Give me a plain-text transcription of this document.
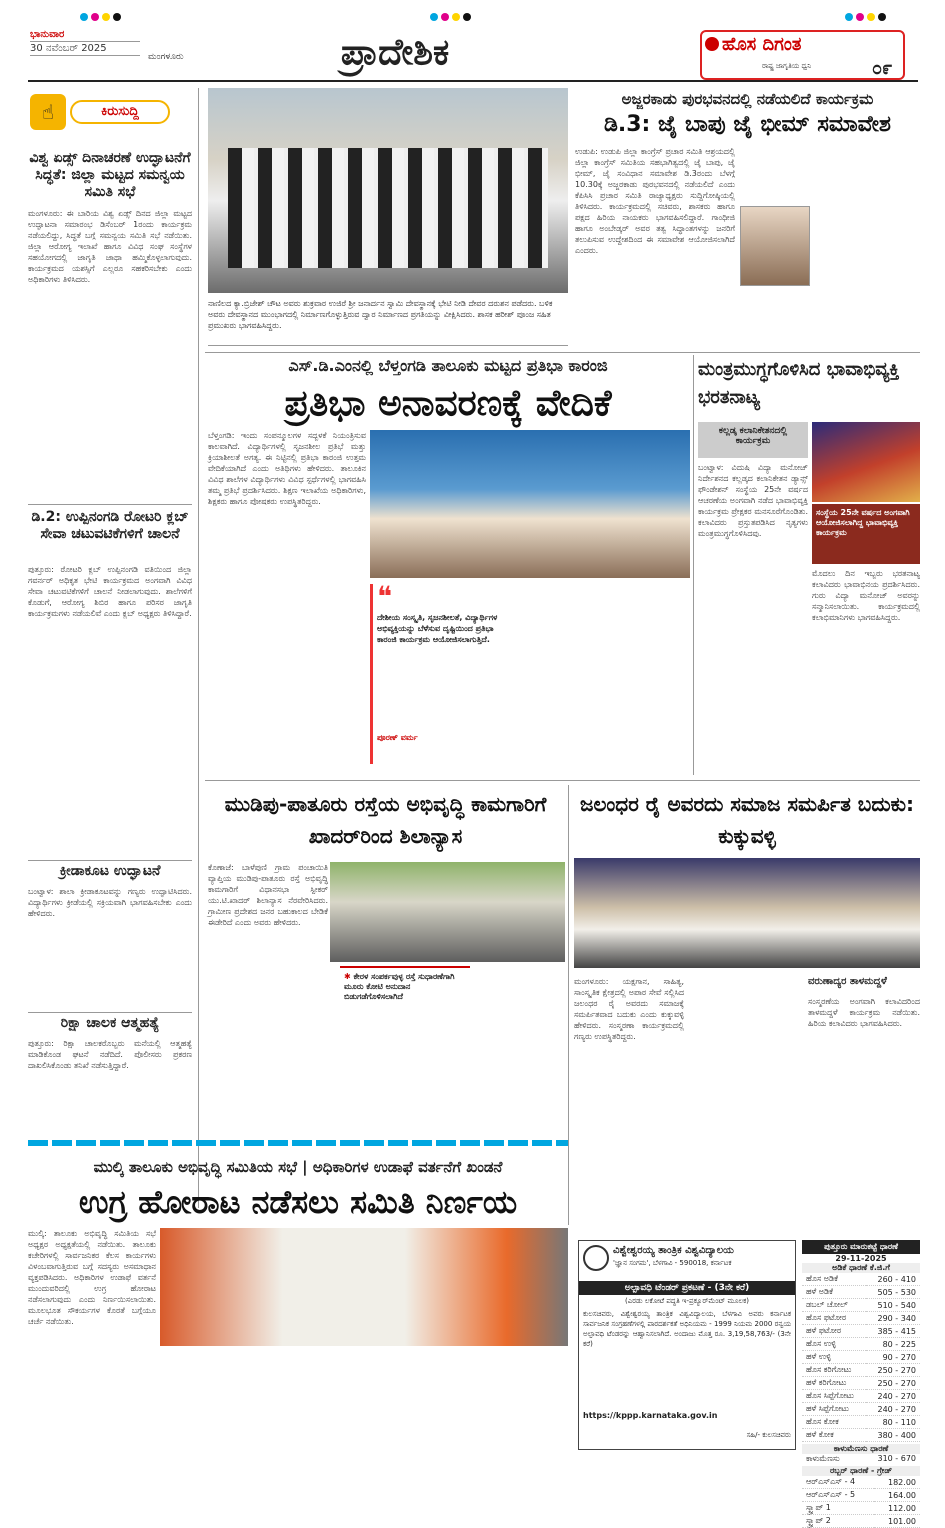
ಭಾನುವಾರ
30 ನವೆಂಬರ್ 2025
ಮಂಗಳೂರು	ಪ್ರಾದೇಶಿಕ	ಹೊಸ ದಿಗಂತ
ರಾಷ್ಟ್ರ ಜಾಗೃತಿಯ ಧ್ವನಿ	೦೯
☝	ಕಿರುಸುದ್ದಿ
ವಿಶ್ವ ಏಡ್ಸ್ ದಿನಾಚರಣೆ ಉದ್ಘಾಟನೆಗೆ ಸಿದ್ಧತೆ: ಜಿಲ್ಲಾ ಮಟ್ಟದ ಸಮನ್ವಯ ಸಮಿತಿ ಸಭೆ
ಮಂಗಳೂರು: ಈ ಬಾರಿಯ ವಿಶ್ವ ಏಡ್ಸ್ ದಿನದ ಜಿಲ್ಲಾ ಮಟ್ಟದ ಉದ್ಘಾಟನಾ ಸಮಾರಂಭ ಡಿಸೆಂಬರ್ 1ರಂದು ಕಾರ್ಯಕ್ರಮ ನಡೆಯಲಿದ್ದು, ಸಿದ್ಧತೆ ಬಗ್ಗೆ ಸಮನ್ವಯ ಸಮಿತಿ ಸಭೆ ನಡೆಯಿತು. ಜಿಲ್ಲಾ ಆರೋಗ್ಯ ಇಲಾಖೆ ಹಾಗೂ ವಿವಿಧ ಸಂಘ ಸಂಸ್ಥೆಗಳ ಸಹಯೋಗದಲ್ಲಿ ಜಾಗೃತಿ ಜಾಥಾ ಹಮ್ಮಿಕೊಳ್ಳಲಾಗುವುದು. ಕಾರ್ಯಕ್ರಮದ ಯಶಸ್ಸಿಗೆ ಎಲ್ಲರೂ ಸಹಕರಿಸಬೇಕು ಎಂದು ಅಧಿಕಾರಿಗಳು ತಿಳಿಸಿದರು.
ಡಿ.2: ಉಪ್ಪಿನಂಗಡಿ ರೋಟರಿ ಕ್ಲಬ್ ಸೇವಾ ಚಟುವಟಿಕೆಗಳಿಗೆ ಚಾಲನೆ
ಪುತ್ತೂರು: ರೋಟರಿ ಕ್ಲಬ್ ಉಪ್ಪಿನಂಗಡಿ ವತಿಯಿಂದ ಜಿಲ್ಲಾ ಗವರ್ನರ್ ಅಧಿಕೃತ ಭೇಟಿ ಕಾರ್ಯಕ್ರಮದ ಅಂಗವಾಗಿ ವಿವಿಧ ಸೇವಾ ಚಟುವಟಿಕೆಗಳಿಗೆ ಚಾಲನೆ ನೀಡಲಾಗುವುದು. ಶಾಲೆಗಳಿಗೆ ಕೊಡುಗೆ, ಆರೋಗ್ಯ ಶಿಬಿರ ಹಾಗೂ ಪರಿಸರ ಜಾಗೃತಿ ಕಾರ್ಯಕ್ರಮಗಳು ನಡೆಯಲಿವೆ ಎಂದು ಕ್ಲಬ್ ಅಧ್ಯಕ್ಷರು ತಿಳಿಸಿದ್ದಾರೆ.
ಕ್ರೀಡಾಕೂಟ ಉದ್ಘಾಟನೆ
ಬಂಟ್ವಾಳ: ಶಾಲಾ ಕ್ರೀಡಾಕೂಟವನ್ನು ಗಣ್ಯರು ಉದ್ಘಾಟಿಸಿದರು. ವಿದ್ಯಾರ್ಥಿಗಳು ಕ್ರೀಡೆಯಲ್ಲಿ ಸಕ್ರಿಯವಾಗಿ ಭಾಗವಹಿಸಬೇಕು ಎಂದು ಹೇಳಿದರು.
ರಿಕ್ಷಾ ಚಾಲಕ ಆತ್ಮಹತ್ಯೆ
ಪುತ್ತೂರು: ರಿಕ್ಷಾ ಚಾಲಕರೊಬ್ಬರು ಮನೆಯಲ್ಲಿ ಆತ್ಮಹತ್ಯೆ ಮಾಡಿಕೊಂಡ ಘಟನೆ ನಡೆದಿದೆ. ಪೊಲೀಸರು ಪ್ರಕರಣ ದಾಖಲಿಸಿಕೊಂಡು ತನಿಖೆ ನಡೆಸುತ್ತಿದ್ದಾರೆ.
ನಾಣಿಲದ ಕ್ಯಾ.ಬ್ರಿಜೇಶ್ ಚೌಟ ಅವರು ಶುಕ್ರವಾರ ಉಜಿರೆ ಶ್ರೀ ಜನಾರ್ದನ ಸ್ವಾಮಿ ದೇವಸ್ಥಾನಕ್ಕೆ ಭೇಟಿ ನೀಡಿ ದೇವರ ದರುಶನ ಪಡೆದರು. ಬಳಿಕ ಅವರು ದೇವಸ್ಥಾನದ ಮುಂಭಾಗದಲ್ಲಿ ನಿರ್ಮಾಣಗೊಳ್ಳುತ್ತಿರುವ ದ್ವಾರ ನಿರ್ಮಾಣದ ಪ್ರಗತಿಯನ್ನು ವೀಕ್ಷಿಸಿದರು. ಶಾಸಕ ಹರೀಶ್ ಪೂಂಜ ಸಹಿತ ಪ್ರಮುಖರು ಭಾಗವಹಿಸಿದ್ದರು.
ಅಜ್ಜರಕಾಡು ಪುರಭವನದಲ್ಲಿ ನಡೆಯಲಿದೆ ಕಾರ್ಯಕ್ರಮ
ಡಿ.3: ಜೈ ಬಾಪು ಜೈ ಭೀಮ್ ಸಮಾವೇಶ
ಉಡುಪಿ: ಉಡುಪಿ ಜಿಲ್ಲಾ ಕಾಂಗ್ರೆಸ್ ಪ್ರಚಾರ ಸಮಿತಿ ಆಶ್ರಯದಲ್ಲಿ ಜಿಲ್ಲಾ ಕಾಂಗ್ರೆಸ್ ಸಮಿತಿಯ ಸಹಭಾಗಿತ್ವದಲ್ಲಿ ಜೈ ಬಾಪು, ಜೈ ಭೀಮ್, ಜೈ ಸಂವಿಧಾನ ಸಮಾವೇಶ ಡಿ.3ರಂದು ಬೆಳಗ್ಗೆ 10.30ಕ್ಕೆ ಅಜ್ಜರಕಾಡು ಪುರಭವನದಲ್ಲಿ ನಡೆಯಲಿದೆ ಎಂದು ಕೆಪಿಸಿಸಿ ಪ್ರಚಾರ ಸಮಿತಿ ರಾಜ್ಯಾಧ್ಯಕ್ಷರು ಸುದ್ದಿಗೋಷ್ಠಿಯಲ್ಲಿ ತಿಳಿಸಿದರು. ಕಾರ್ಯಕ್ರಮದಲ್ಲಿ ಸಚಿವರು, ಶಾಸಕರು ಹಾಗೂ ಪಕ್ಷದ ಹಿರಿಯ ನಾಯಕರು ಭಾಗವಹಿಸಲಿದ್ದಾರೆ. ಗಾಂಧೀಜಿ ಹಾಗೂ ಅಂಬೇಡ್ಕರ್ ಅವರ ತತ್ವ ಸಿದ್ಧಾಂತಗಳನ್ನು ಜನರಿಗೆ ತಲುಪಿಸುವ ಉದ್ದೇಶದಿಂದ ಈ ಸಮಾವೇಶ ಆಯೋಜಿಸಲಾಗಿದೆ ಎಂದರು.
ಎಸ್.ಡಿ.ಎಂನಲ್ಲಿ ಬೆಳ್ತಂಗಡಿ ತಾಲೂಕು ಮಟ್ಟದ ಪ್ರತಿಭಾ ಕಾರಂಜಿ
ಪ್ರತಿಭಾ ಅನಾವರಣಕ್ಕೆ ವೇದಿಕೆ
ಬೆಳ್ತಂಗಡಿ: ಇಂದು ಸಂಪನ್ಮೂಲಗಳ ಸದ್ಬಳಕೆ ನಿಯಂತ್ರಿಸುವ ಕಾಲವಾಗಿದೆ. ವಿದ್ಯಾರ್ಥಿಗಳಲ್ಲಿ ಸೃಜನಶೀಲ ಪ್ರತಿಭೆ ಮತ್ತು ಕ್ರಿಯಾಶೀಲತೆ ಅಗತ್ಯ. ಈ ನಿಟ್ಟಿನಲ್ಲಿ ಪ್ರತಿಭಾ ಕಾರಂಜಿ ಉತ್ತಮ ವೇದಿಕೆಯಾಗಿದೆ ಎಂದು ಅತಿಥಿಗಳು ಹೇಳಿದರು. ತಾಲೂಕಿನ ವಿವಿಧ ಶಾಲೆಗಳ ವಿದ್ಯಾರ್ಥಿಗಳು ವಿವಿಧ ಸ್ಪರ್ಧೆಗಳಲ್ಲಿ ಭಾಗವಹಿಸಿ ತಮ್ಮ ಪ್ರತಿಭೆ ಪ್ರದರ್ಶಿಸಿದರು. ಶಿಕ್ಷಣ ಇಲಾಖೆಯ ಅಧಿಕಾರಿಗಳು, ಶಿಕ್ಷಕರು ಹಾಗೂ ಪೋಷಕರು ಉಪಸ್ಥಿತರಿದ್ದರು.
❝
ದೇಶೀಯ ಸಂಸ್ಕೃತಿ, ಸೃಜನಶೀಲತೆ, ವಿದ್ಯಾರ್ಥಿಗಳ ಅಭಿವ್ಯಕ್ತಿಯನ್ನು ಬೆಳೆಸುವ ದೃಷ್ಟಿಯಿಂದ ಪ್ರತಿಭಾ ಕಾರಂಜಿ ಕಾರ್ಯಕ್ರಮ ಆಯೋಜಿಸಲಾಗುತ್ತಿದೆ.
ಪೂರಣ್ ವರ್ಮ
ಮಂತ್ರಮುಗ್ಧಗೊಳಿಸಿದ ಭಾವಾಭಿವ್ಯಕ್ತಿ ಭರತನಾಟ್ಯ
ಕಲ್ಲಡ್ಕ ಕಲಾನಿಕೇತನದಲ್ಲಿ ಕಾರ್ಯಕ್ರಮ
ಬಂಟ್ವಾಳ: ವಿದುಷಿ ವಿದ್ಯಾ ಮನೋಜ್ ನಿರ್ದೇಶನದ ಕಲ್ಲಡ್ಕದ ಕಲಾನಿಕೇತನ ಡ್ಯಾನ್ಸ್ ಫೌಂಡೇಶನ್ ಸಂಸ್ಥೆಯ 25ನೇ ವರ್ಷದ ಆಚರಣೆಯ ಅಂಗವಾಗಿ ನಡೆದ ಭಾವಾಭಿವ್ಯಕ್ತಿ ಕಾರ್ಯಕ್ರಮ ಪ್ರೇಕ್ಷಕರ ಮನಸೂರೆಗೊಂಡಿತು. ಕಲಾವಿದರು ಪ್ರಸ್ತುತಪಡಿಸಿದ ನೃತ್ಯಗಳು ಮಂತ್ರಮುಗ್ಧಗೊಳಿಸಿದವು.
ಸಂಸ್ಥೆಯ 25ನೇ ವರ್ಷದ ಅಂಗವಾಗಿ ಆಯೋಜಿಸಲಾಗಿದ್ದ ಭಾವಾಭಿವ್ಯಕ್ತಿ ಕಾರ್ಯಕ್ರಮ
ಮೊದಲು ದಿನ ಇಬ್ಬರು ಭರತನಾಟ್ಯ ಕಲಾವಿದರು ಭಾವಾಭಿನಯ ಪ್ರದರ್ಶಿಸಿದರು. ಗುರು ವಿದ್ಯಾ ಮನೋಜ್ ಅವರನ್ನು ಸನ್ಮಾನಿಸಲಾಯಿತು. ಕಾರ್ಯಕ್ರಮದಲ್ಲಿ ಕಲಾಭಿಮಾನಿಗಳು ಭಾಗವಹಿಸಿದ್ದರು.
ಮುಡಿಪು-ಪಾತೂರು ರಸ್ತೆಯ ಅಭಿವೃದ್ಧಿ ಕಾಮಗಾರಿಗೆ ಖಾದರ್‌ರಿಂದ ಶಿಲಾನ್ಯಾಸ
ಕೊಣಾಜೆ: ಬಾಳೆಪುಣಿ ಗ್ರಾಮ ಪಂಚಾಯಿತಿ ವ್ಯಾಪ್ತಿಯ ಮುಡಿಪು-ಪಾತೂರು ರಸ್ತೆ ಅಭಿವೃದ್ಧಿ ಕಾಮಗಾರಿಗೆ ವಿಧಾನಸಭಾ ಸ್ಪೀಕರ್ ಯು.ಟಿ.ಖಾದರ್ ಶಿಲಾನ್ಯಾಸ ನೆರವೇರಿಸಿದರು. ಗ್ರಾಮೀಣ ಪ್ರದೇಶದ ಜನರ ಬಹುಕಾಲದ ಬೇಡಿಕೆ ಈಡೇರಿದೆ ಎಂದು ಅವರು ಹೇಳಿದರು.
✱ ಕೇರಳ ಸಂಪರ್ಕವುಳ್ಳ ರಸ್ತೆ ಸುಧಾರಣೆಗಾಗಿ ಮೂರು ಕೋಟಿ ಅನುದಾನ ಬಿಡುಗಡೆಗೊಳಿಸಲಾಗಿದೆ
ಜಲಂಧರ ರೈ ಅವರದು ಸಮಾಜ ಸಮರ್ಪಿತ ಬದುಕು: ಕುಕ್ಕುವಳ್ಳಿ
ಮಂಗಳೂರು: ಯಕ್ಷಗಾನ, ಸಾಹಿತ್ಯ, ಸಾಂಸ್ಕೃತಿಕ ಕ್ಷೇತ್ರದಲ್ಲಿ ಅಪಾರ ಸೇವೆ ಸಲ್ಲಿಸಿದ ಜಲಂಧರ ರೈ ಅವರದು ಸಮಾಜಕ್ಕೆ ಸಮರ್ಪಿತವಾದ ಬದುಕು ಎಂದು ಕುಕ್ಕುವಳ್ಳಿ ಹೇಳಿದರು. ಸಂಸ್ಮರಣಾ ಕಾರ್ಯಕ್ರಮದಲ್ಲಿ ಗಣ್ಯರು ಉಪಸ್ಥಿತರಿದ್ದರು.
ವರುಣಾದ್ಯರ ತಾಳಮದ್ದಳೆ
ಸಂಸ್ಮರಣೆಯ ಅಂಗವಾಗಿ ಕಲಾವಿದರಿಂದ ತಾಳಮದ್ದಳೆ ಕಾರ್ಯಕ್ರಮ ನಡೆಯಿತು. ಹಿರಿಯ ಕಲಾವಿದರು ಭಾಗವಹಿಸಿದರು.
ಮುಲ್ಕಿ ತಾಲೂಕು ಅಭಿವೃದ್ಧಿ ಸಮಿತಿಯ ಸಭೆ | ಅಧಿಕಾರಿಗಳ ಉಡಾಫೆ ವರ್ತನೆಗೆ ಖಂಡನೆ
ಉಗ್ರ ಹೋರಾಟ ನಡೆಸಲು ಸಮಿತಿ ನಿರ್ಣಯ
ಮುಲ್ಕಿ: ತಾಲೂಕು ಅಭಿವೃದ್ಧಿ ಸಮಿತಿಯ ಸಭೆ ಅಧ್ಯಕ್ಷರ ಅಧ್ಯಕ್ಷತೆಯಲ್ಲಿ ನಡೆಯಿತು. ತಾಲೂಕು ಕಚೇರಿಗಳಲ್ಲಿ ಸಾರ್ವಜನಿಕರ ಕೆಲಸ ಕಾರ್ಯಗಳು ವಿಳಂಬವಾಗುತ್ತಿರುವ ಬಗ್ಗೆ ಸದಸ್ಯರು ಅಸಮಾಧಾನ ವ್ಯಕ್ತಪಡಿಸಿದರು. ಅಧಿಕಾರಿಗಳ ಉಡಾಫೆ ವರ್ತನೆ ಮುಂದುವರಿದಲ್ಲಿ ಉಗ್ರ ಹೋರಾಟ ನಡೆಸಲಾಗುವುದು ಎಂದು ನಿರ್ಣಯಿಸಲಾಯಿತು. ಮೂಲಭೂತ ಸೌಕರ್ಯಗಳ ಕೊರತೆ ಬಗ್ಗೆಯೂ ಚರ್ಚೆ ನಡೆಯಿತು.
ವಿಶ್ವೇಶ್ವರಯ್ಯ ತಾಂತ್ರಿಕ ವಿಶ್ವವಿದ್ಯಾಲಯ
'ಜ್ಞಾನ ಸಂಗಮ', ಬೆಳಗಾವಿ - 590018, ಕರ್ನಾಟಕ
ಅಲ್ಪಾವಧಿ ಟೆಂಡರ್ ಪ್ರಕಟಣೆ - (3ನೇ ಕರೆ)
(ಎರಡು ಲಕೋಟೆ ಪದ್ಧತಿ ಇ-ಪ್ರಕ್ಯೂರ್‌ಮೆಂಟ್ ಮೂಲಕ)
ಕುಲಸಚಿವರು, ವಿಶ್ವೇಶ್ವರಯ್ಯ ತಾಂತ್ರಿಕ ವಿಶ್ವವಿದ್ಯಾಲಯ, ಬೆಳಗಾವಿ ಅವರು ಕರ್ನಾಟಕ ಸಾರ್ವಜನಿಕ ಸಂಗ್ರಹಣೆಗಳಲ್ಲಿ ಪಾರದರ್ಶಕತೆ ಅಧಿನಿಯಮ - 1999 ನಿಯಮ 2000 ರನ್ವಯ ಅಲ್ಪಾವಧಿ ಟೆಂಡರನ್ನು ಆಹ್ವಾನಿಸಲಾಗಿದೆ. ಅಂದಾಜು ಮೊತ್ತ ರೂ. 3,19,58,763/- (3ನೇ ಕರೆ)
https://kppp.karnataka.gov.in
ಸಹಿ/- ಕುಲಸಚಿವರು
ಪುತ್ತೂರು ಮಾರುಕಟ್ಟೆ ಧಾರಣೆ
29-11-2025
ಅಡಿಕೆ ಧಾರಣೆ ಕೆ.ಜಿ.ಗೆ
ಹೊಸ ಅಡಿಕೆ	260 - 410
ಹಳೆ ಅಡಿಕೆ	505 - 530
ಡಬಲ್ ಚೋಲ್	510 - 540
ಹೊಸ ಫಟೋರ	290 - 340
ಹಳೆ ಫಟೋರ	385 - 415
ಹೊಸ ಉಳ್ಳಿ	80 - 225
ಹಳೆ ಉಳ್ಳಿ	90 - 270
ಹೊಸ ಕರಿಗೋಟು	250 - 270
ಹಳೆ ಕರಿಗೋಟು	250 - 270
ಹೊಸ ಸಿಪ್ಪೆಗೋಟು	240 - 270
ಹಳೆ ಸಿಪ್ಪೆಗೋಟು	240 - 270
ಹೊಸ ಕೋಕ	80 - 110
ಹಳೆ ಕೋಕ	380 - 400
ಕಾಳುಮೆಣಸು ಧಾರಣೆ
ಕಾಳುಮೆಣಸು	310 - 670
ರಬ್ಬರ್ ಧಾರಣೆ - ಗ್ರೇಡ್
ಆರ್‌ಎಸ್‌ಎಸ್ - 4	182.00
ಆರ್‌ಎಸ್‌ಎಸ್ - 5	164.00
ಸ್ಕ್ರ್ಯಾಪ್ 1	112.00
ಸ್ಕ್ರ್ಯಾಪ್ 2	101.00
